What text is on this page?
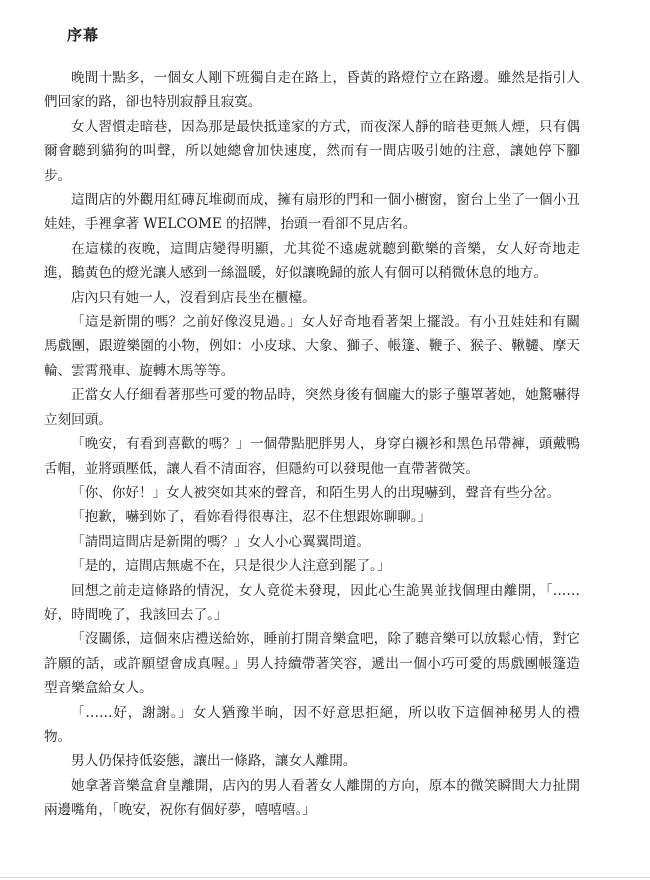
序幕

晚間十點多，一個女人剛下班獨自走在路上，昏黃的路燈佇立在路邊。雖然是指引人們回家的路，卻也特別寂靜且寂寞。

女人習慣走暗巷，因為那是最快抵達家的方式，而夜深人靜的暗巷更無人煙，只有偶爾會聽到貓狗的叫聲，所以她總會加快速度，然而有一間店吸引她的注意，讓她停下腳步。

這間店的外觀用紅磚瓦堆砌而成，擁有扇形的門和一個小櫥窗，窗台上坐了一個小丑娃娃，手裡拿著 WELCOME 的招牌，抬頭一看卻不見店名。

在這樣的夜晚，這間店變得明顯，尤其從不遠處就聽到歡樂的音樂，女人好奇地走進，鵝黃色的燈光讓人感到一絲溫暖，好似讓晚歸的旅人有個可以稍微休息的地方。

店內只有她一人，沒看到店長坐在櫃檯。

「這是新開的嗎？之前好像沒見過。」女人好奇地看著架上擺設。有小丑娃娃和有關馬戲團，跟遊樂園的小物，例如：小皮球、大象、獅子、帳篷、鞭子、猴子、鞦韆、摩天輪、雲霄飛車、旋轉木馬等等。

正當女人仔細看著那些可愛的物品時，突然身後有個龐大的影子壟罩著她，她驚嚇得立刻回頭。

「晚安，有看到喜歡的嗎？」一個帶點肥胖男人，身穿白襯衫和黑色吊帶褲，頭戴鴨舌帽，並將頭壓低，讓人看不清面容，但隱約可以發現他一直帶著微笑。

「你、你好！」女人被突如其來的聲音，和陌生男人的出現嚇到，聲音有些分岔。

「抱歉，嚇到妳了，看妳看得很專注，忍不住想跟妳聊聊。」

「請問這間店是新開的嗎？」女人小心翼翼問道。

「是的，這間店無處不在，只是很少人注意到罷了。」

回想之前走這條路的情況，女人竟從未發現，因此心生詭異並找個理由離開，「……好，時間晚了，我該回去了。」

「沒關係，這個來店禮送給妳，睡前打開音樂盒吧，除了聽音樂可以放鬆心情，對它許願的話，或許願望會成真喔。」男人持續帶著笑容，遞出一個小巧可愛的馬戲團帳篷造型音樂盒給女人。

「……好，謝謝。」女人猶豫半晌，因不好意思拒絕，所以收下這個神秘男人的禮物。

男人仍保持低姿態，讓出一條路，讓女人離開。

她拿著音樂盒倉皇離開，店內的男人看著女人離開的方向，原本的微笑瞬間大力扯開兩邊嘴角，「晚安，祝你有個好夢，嘻嘻嘻。」
